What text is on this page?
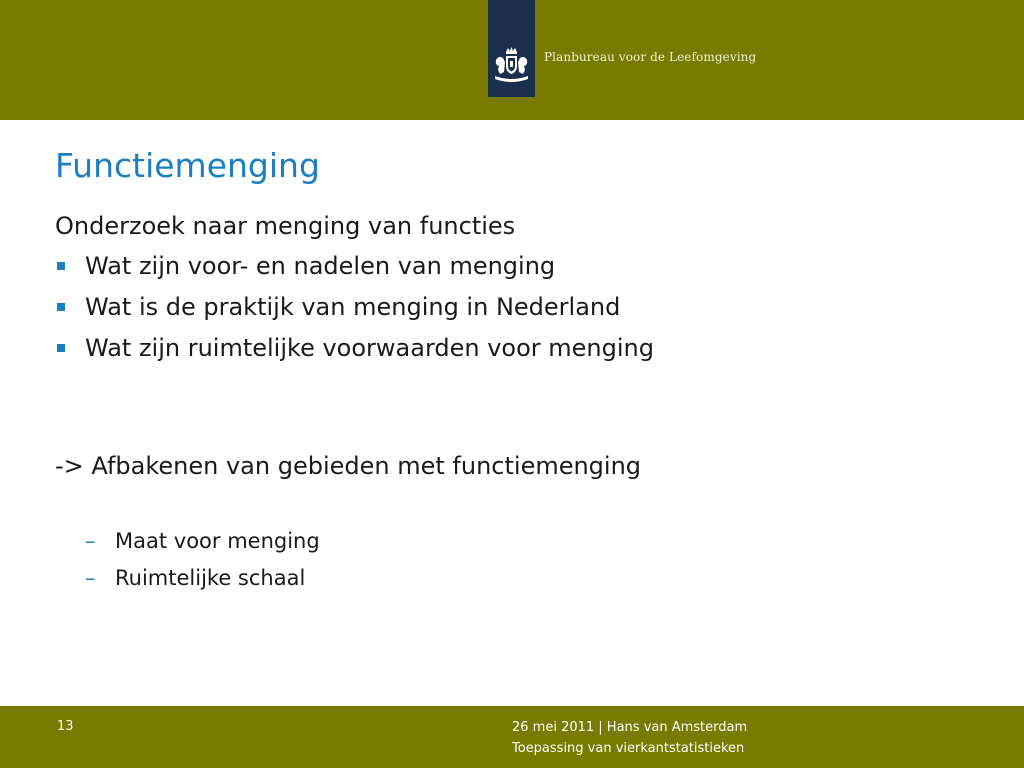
Planbureau voor de Leefomgeving
Functiemenging
Onderzoek naar menging van functies
Wat zijn voor- en nadelen van menging
Wat is de praktijk van menging in Nederland
Wat zijn ruimtelijke voorwaarden voor menging
-> Afbakenen van gebieden met functiemenging
– Maat voor menging
– Ruimtelijke schaal
13	26 mei 2011 | Hans van Amsterdam
Toepassing van vierkantstatistieken
